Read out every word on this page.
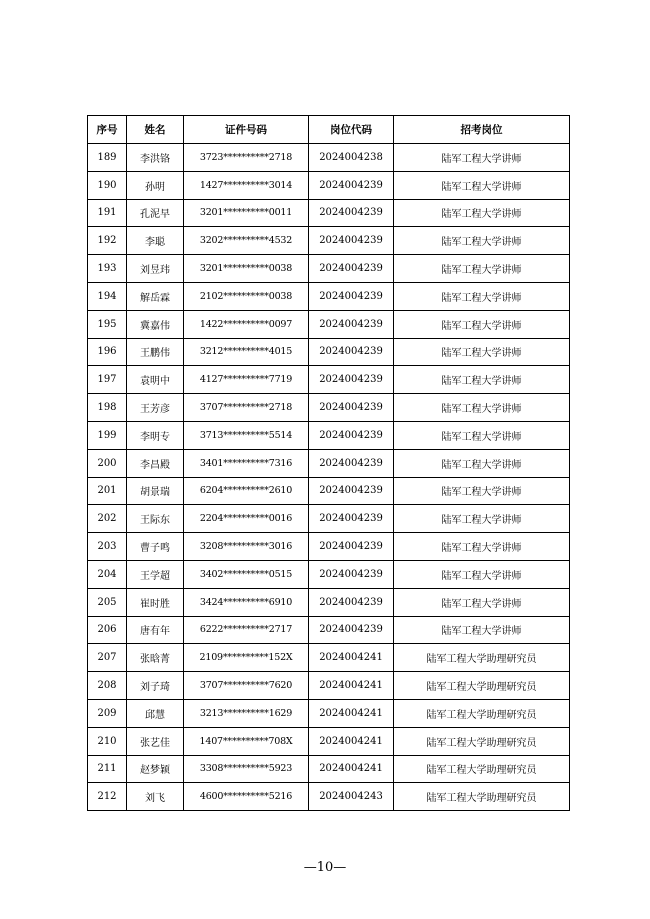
序号	姓名	证件号码	岗位代码	招考岗位
189	李洪铬	3723**********2718	2024004238	陆军工程大学讲师
190	孙明	1427**********3014	2024004239	陆军工程大学讲师
191	孔泥早	3201**********0011	2024004239	陆军工程大学讲师
192	李聪	3202**********4532	2024004239	陆军工程大学讲师
193	刘昱玮	3201**********0038	2024004239	陆军工程大学讲师
194	解岳霖	2102**********0038	2024004239	陆军工程大学讲师
195	冀嘉伟	1422**********0097	2024004239	陆军工程大学讲师
196	王鹏伟	3212**********4015	2024004239	陆军工程大学讲师
197	袁明中	4127**********7719	2024004239	陆军工程大学讲师
198	王芳彦	3707**********2718	2024004239	陆军工程大学讲师
199	李明专	3713**********5514	2024004239	陆军工程大学讲师
200	李昌殿	3401**********7316	2024004239	陆军工程大学讲师
201	胡景瑞	6204**********2610	2024004239	陆军工程大学讲师
202	王际东	2204**********0016	2024004239	陆军工程大学讲师
203	曹子鸣	3208**********3016	2024004239	陆军工程大学讲师
204	王学超	3402**********0515	2024004239	陆军工程大学讲师
205	崔时胜	3424**********6910	2024004239	陆军工程大学讲师
206	唐有年	6222**********2717	2024004239	陆军工程大学讲师
207	张晗菁	2109**********152X	2024004241	陆军工程大学助理研究员
208	刘子琦	3707**********7620	2024004241	陆军工程大学助理研究员
209	邱慧	3213**********1629	2024004241	陆军工程大学助理研究员
210	张艺佳	1407**********708X	2024004241	陆军工程大学助理研究员
211	赵梦颖	3308**********5923	2024004241	陆军工程大学助理研究员
212	刘飞	4600**********5216	2024004243	陆军工程大学助理研究员
—10—
